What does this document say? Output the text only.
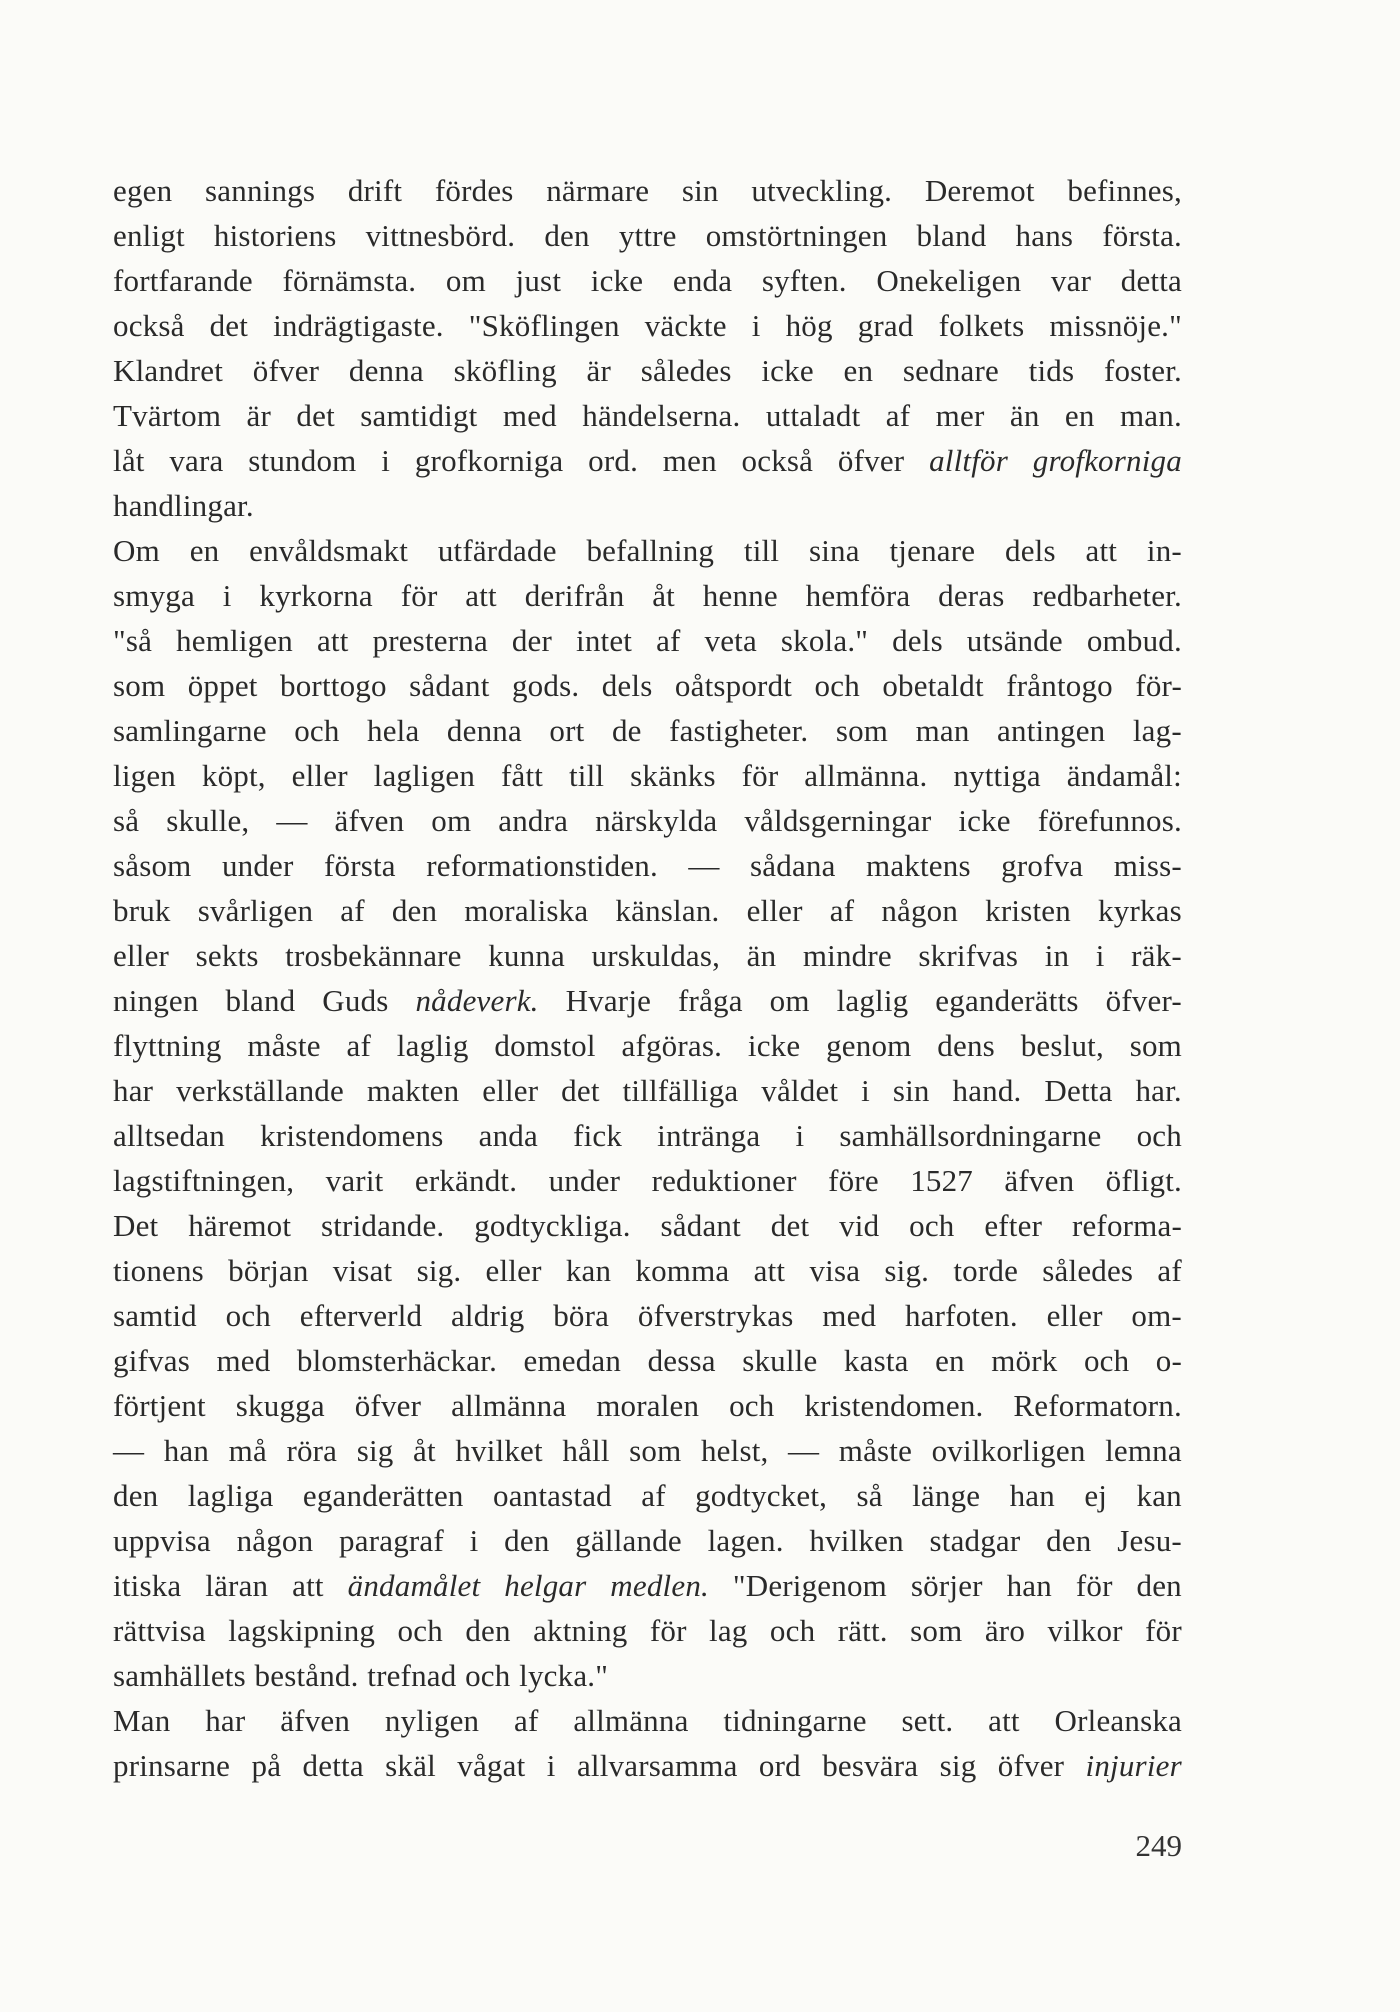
egen sannings drift fördes närmare sin utveckling. Deremot befinnes,
enligt historiens vittnesbörd. den yttre omstörtningen bland hans första.
fortfarande förnämsta. om just icke enda syften. Onekeligen var detta
också det indrägtigaste. "Sköflingen väckte i hög grad folkets missnöje."
Klandret öfver denna sköfling är således icke en sednare tids foster.
Tvärtom är det samtidigt med händelserna. uttaladt af mer än en man.
låt vara stundom i grofkorniga ord. men också öfver alltför grofkorniga
handlingar.
Om en envåldsmakt utfärdade befallning till sina tjenare dels att in-
smyga i kyrkorna för att derifrån åt henne hemföra deras redbarheter.
"så hemligen att presterna der intet af veta skola." dels utsände ombud.
som öppet borttogo sådant gods. dels oåtspordt och obetaldt fråntogo för-
samlingarne och hela denna ort de fastigheter. som man antingen lag-
ligen köpt, eller lagligen fått till skänks för allmänna. nyttiga ändamål:
så skulle, — äfven om andra närskylda våldsgerningar icke förefunnos.
såsom under första reformationstiden. — sådana maktens grofva miss-
bruk svårligen af den moraliska känslan. eller af någon kristen kyrkas
eller sekts trosbekännare kunna urskuldas, än mindre skrifvas in i räk-
ningen bland Guds nådeverk. Hvarje fråga om laglig eganderätts öfver-
flyttning måste af laglig domstol afgöras. icke genom dens beslut, som
har verkställande makten eller det tillfälliga våldet i sin hand. Detta har.
alltsedan kristendomens anda fick intränga i samhällsordningarne och
lagstiftningen, varit erkändt. under reduktioner före 1527 äfven öfligt.
Det häremot stridande. godtyckliga. sådant det vid och efter reforma-
tionens början visat sig. eller kan komma att visa sig. torde således af
samtid och efterverld aldrig böra öfverstrykas med harfoten. eller om-
gifvas med blomsterhäckar. emedan dessa skulle kasta en mörk och o-
förtjent skugga öfver allmänna moralen och kristendomen. Reformatorn.
— han må röra sig åt hvilket håll som helst, — måste ovilkorligen lemna
den lagliga eganderätten oantastad af godtycket, så länge han ej kan
uppvisa någon paragraf i den gällande lagen. hvilken stadgar den Jesu-
itiska läran att ändamålet helgar medlen. "Derigenom sörjer han för den
rättvisa lagskipning och den aktning för lag och rätt. som äro vilkor för
samhällets bestånd. trefnad och lycka."
Man har äfven nyligen af allmänna tidningarne sett. att Orleanska
prinsarne på detta skäl vågat i allvarsamma ord besvära sig öfver injurier
249
